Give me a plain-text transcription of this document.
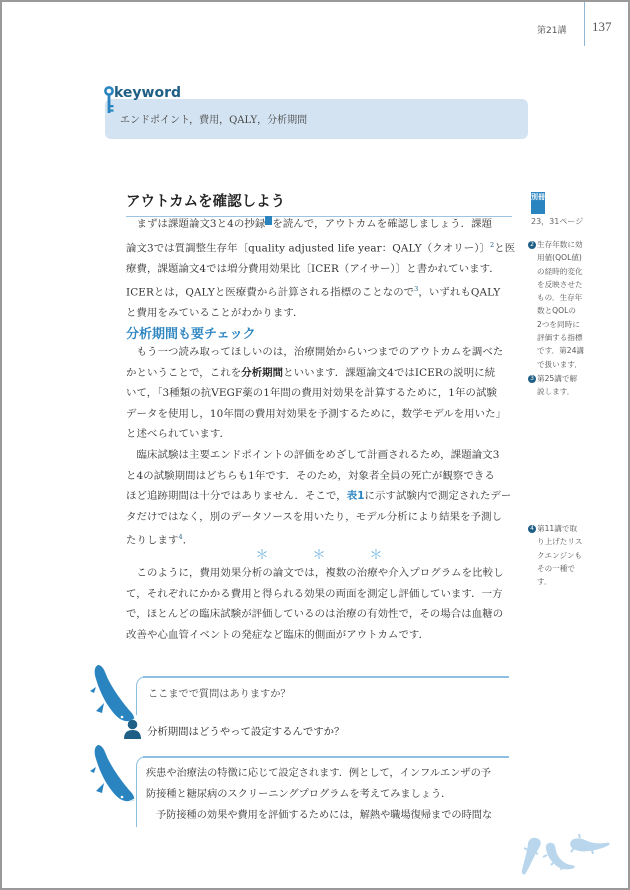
第21講 137
keyword
エンドポイント，費用，QALY，分析期間
アウトカムを確認しよう
まずは課題論文3と4の抄録 を読んで，アウトカムを確認しましょう．課題
論文3では質調整生存年〔quality adjusted life year：QALY（クオリー）〕$^2$と医
療費，課題論文4では増分費用効果比〔ICER（アイサー）〕と書かれています．
ICERとは，QALYと医療費から計算される指標のことなので$^3$，いずれもQALY
と費用をみていることがわかります．
分析期間も要チェック
もう一つ読み取ってほしいのは，治療開始からいつまでのアウトカムを調べた
かということで，これを分析期間といいます．課題論文4ではICERの説明に続
いて，「3種類の抗VEGF薬の1年間の費用対効果を計算するために，1年の試験
データを使用し，10年間の費用対効果を予測するために，数学モデルを用いた」
と述べられています．
臨床試験は主要エンドポイントの評価をめざして計画されるため，課題論文3
と4の試験期間はどちらも1年です．そのため，対象者全員の死亡が観察できる
ほど追跡期間は十分ではありません．そこで，表1に示す試験内で測定されたデー
タだけではなく，別のデータソースを用いたり，モデル分析により結果を予測し
たりします$^4$．
＊	＊	＊
このように，費用効果分析の論文では，複数の治療や介入プログラムを比較し
て，それぞれにかかる費用と得られる効果の両面を測定し評価しています．一方
で，ほとんどの臨床試験が評価しているのは治療の有効性で，その場合は血糖の
改善や心血管イベントの発症など臨床的側面がアウトカムです．
別冊
23，31ページ
2 生存年数に効
用値(QOL値)
の経時的変化
を反映させた
もの．生存年
数とQOLの
2つを同時に
評価する指標
です．第24講
で扱います．
3 第25講で解
説します．
4 第11講で取
り上げたリス
クエンジンも
その一種で
す．
ここまでで質問はありますか？
分析期間はどうやって設定するんですか？
疾患や治療法の特徴に応じて設定されます．例として，インフルエンザの予
防接種と糖尿病のスクリーニングプログラムを考えてみましょう．
予防接種の効果や費用を評価するためには，解熱や職場復帰までの時間な
